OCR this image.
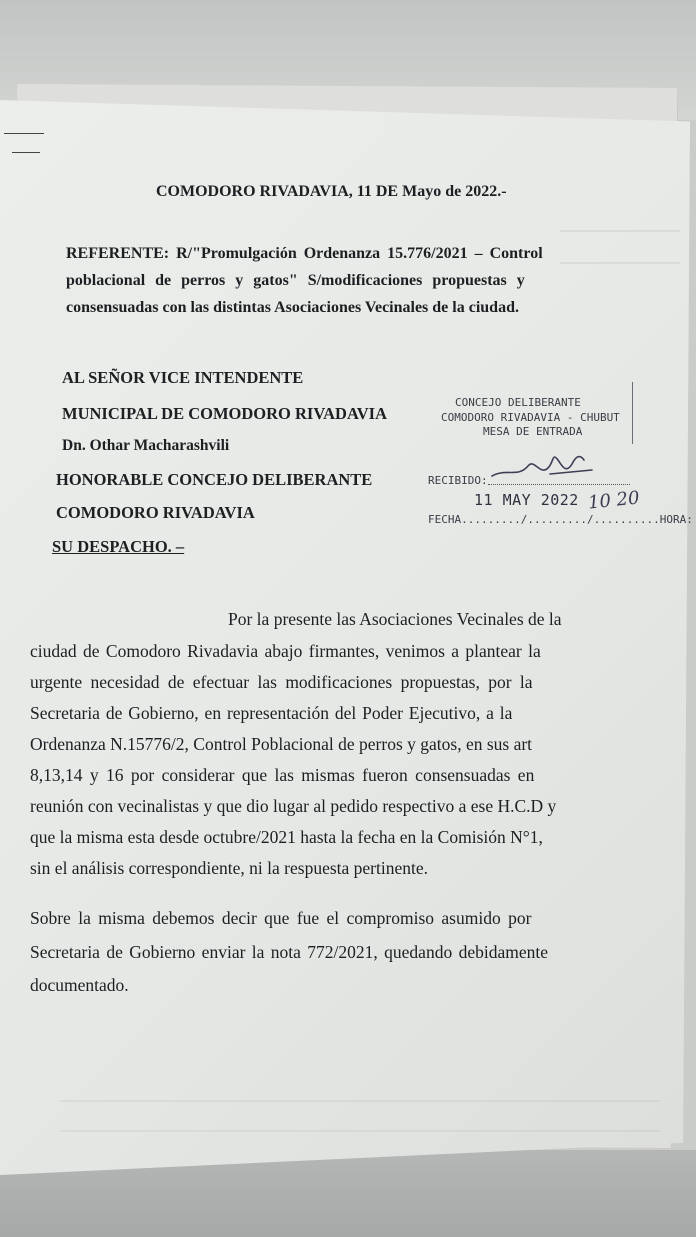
COMODORO RIVADAVIA, 11 DE Mayo de 2022.-
REFERENTE: R/"Promulgación Ordenanza 15.776/2021 – Control
poblacional de perros y gatos" S/modificaciones propuestas y
consensuadas con las distintas Asociaciones Vecinales de la ciudad.
AL SEÑOR VICE INTENDENTE
MUNICIPAL DE COMODORO RIVADAVIA
Dn. Othar Macharashvili
HONORABLE CONCEJO DELIBERANTE
COMODORO RIVADAVIA
SU DESPACHO. –
CONCEJO DELIBERANTE
COMODORO RIVADAVIA - CHUBUT
MESA DE ENTRADA
RECIBIDO:
11 MAY 2022
FECHA........./........./..........HORA:
10 20
Por la presente las Asociaciones Vecinales de la
ciudad de Comodoro Rivadavia abajo firmantes, venimos a plantear la
urgente necesidad de efectuar las modificaciones propuestas, por la
Secretaria de Gobierno, en representación del Poder Ejecutivo, a la
Ordenanza N.15776/2, Control Poblacional de perros y gatos, en sus art
8,13,14 y 16 por considerar que las mismas fueron consensuadas en
reunión con vecinalistas y que dio lugar al pedido respectivo a ese H.C.D y
que la misma esta desde octubre/2021 hasta la fecha en la Comisión N°1,
sin el análisis correspondiente, ni la respuesta pertinente.
Sobre la misma debemos decir que fue el compromiso asumido por
Secretaria de Gobierno enviar la nota 772/2021, quedando debidamente
documentado.
